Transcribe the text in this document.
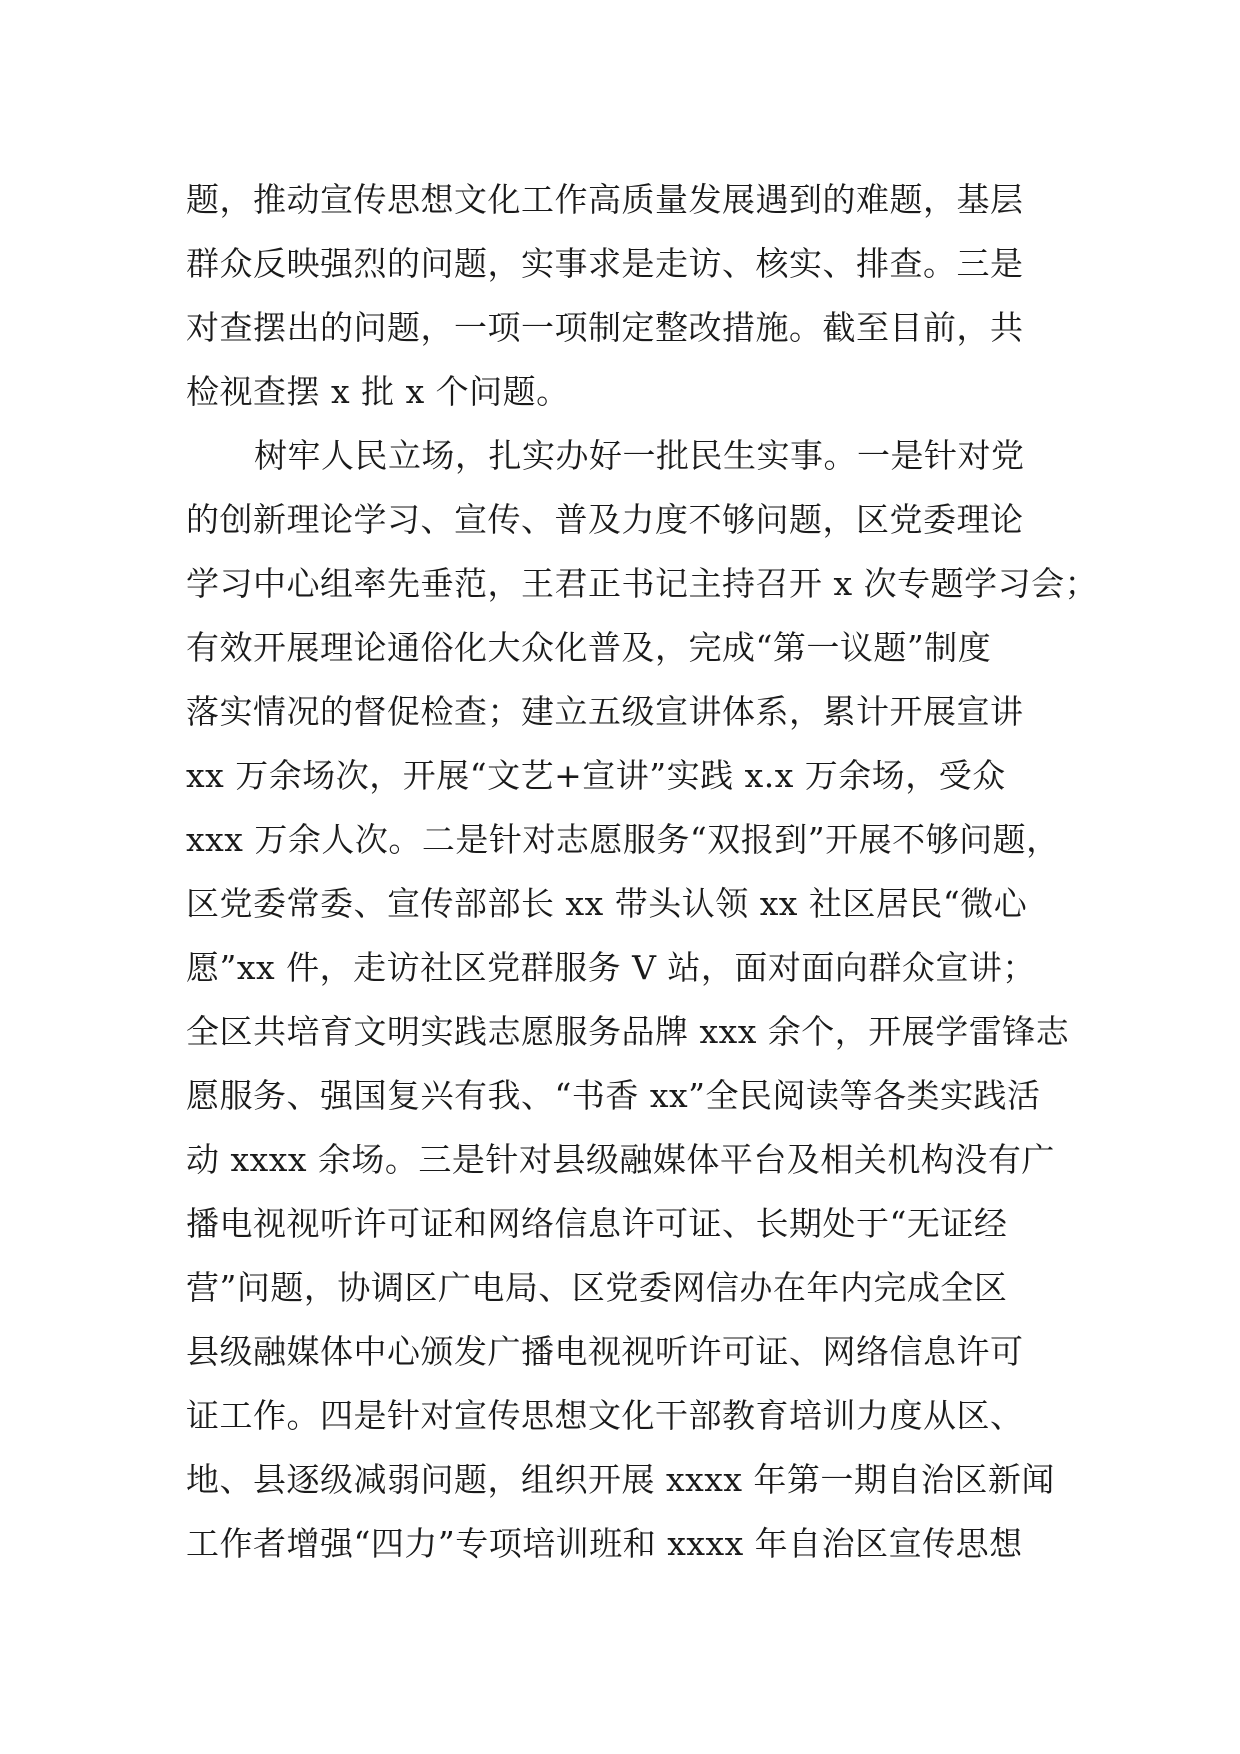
题，推动宣传思想文化工作高质量发展遇到的难题，基层
群众反映强烈的问题，实事求是走访、核实、排查。三是
对查摆出的问题，一项一项制定整改措施。截至目前，共
检视查摆 x 批 x 个问题。
树牢人民立场，扎实办好一批民生实事。一是针对党
的创新理论学习、宣传、普及力度不够问题，区党委理论
学习中心组率先垂范，王君正书记主持召开 x 次专题学习会；
有效开展理论通俗化大众化普及，完成“第一议题”制度
落实情况的督促检查；建立五级宣讲体系，累计开展宣讲
xx 万余场次，开展“文艺+宣讲”实践 x.x 万余场，受众
xxx 万余人次。二是针对志愿服务“双报到”开展不够问题，
区党委常委、宣传部部长 xx 带头认领 xx 社区居民“微心
愿”xx 件，走访社区党群服务 V 站，面对面向群众宣讲；
全区共培育文明实践志愿服务品牌 xxx 余个，开展学雷锋志
愿服务、强国复兴有我、“书香 xx”全民阅读等各类实践活
动 xxxx 余场。三是针对县级融媒体平台及相关机构没有广
播电视视听许可证和网络信息许可证、长期处于“无证经
营”问题，协调区广电局、区党委网信办在年内完成全区
县级融媒体中心颁发广播电视视听许可证、网络信息许可
证工作。四是针对宣传思想文化干部教育培训力度从区、
地、县逐级减弱问题，组织开展 xxxx 年第一期自治区新闻
工作者增强“四力”专项培训班和 xxxx 年自治区宣传思想
